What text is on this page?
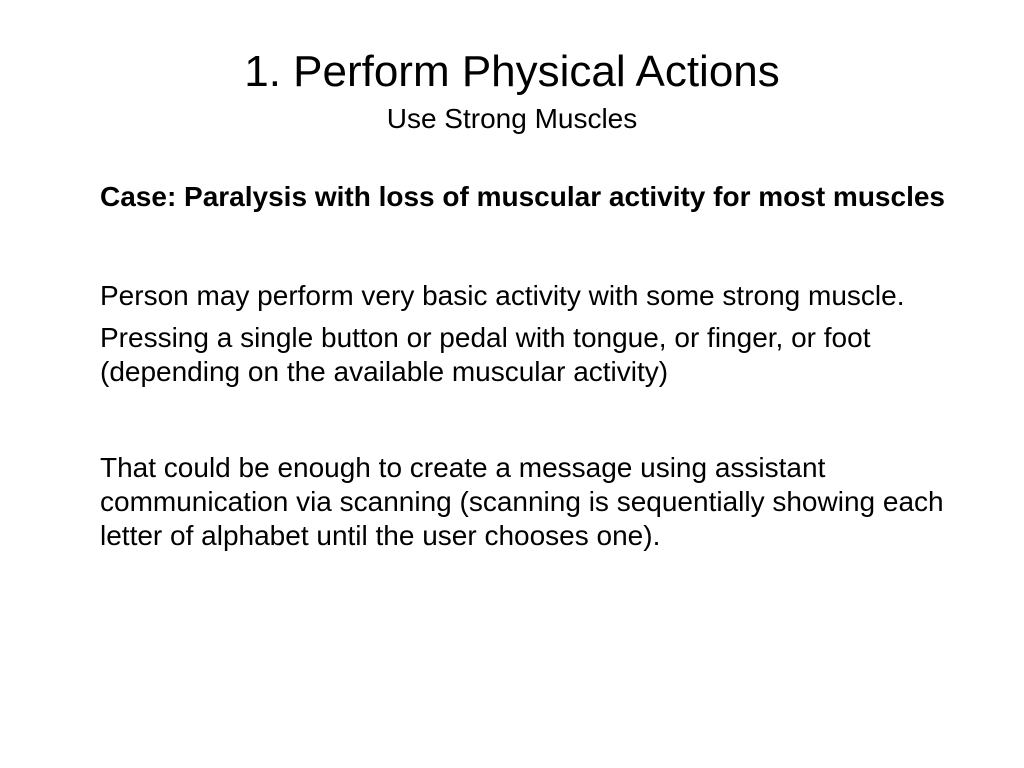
1. Perform Physical Actions
Use Strong Muscles

Case: Paralysis with loss of muscular activity for most muscles

Person may perform very basic activity with some strong muscle.

Pressing a single button or pedal with tongue, or finger, or foot (depending on the available muscular activity)

That could be enough to create a message using assistant communication via scanning (scanning is sequentially showing each letter of alphabet until the user chooses one).
